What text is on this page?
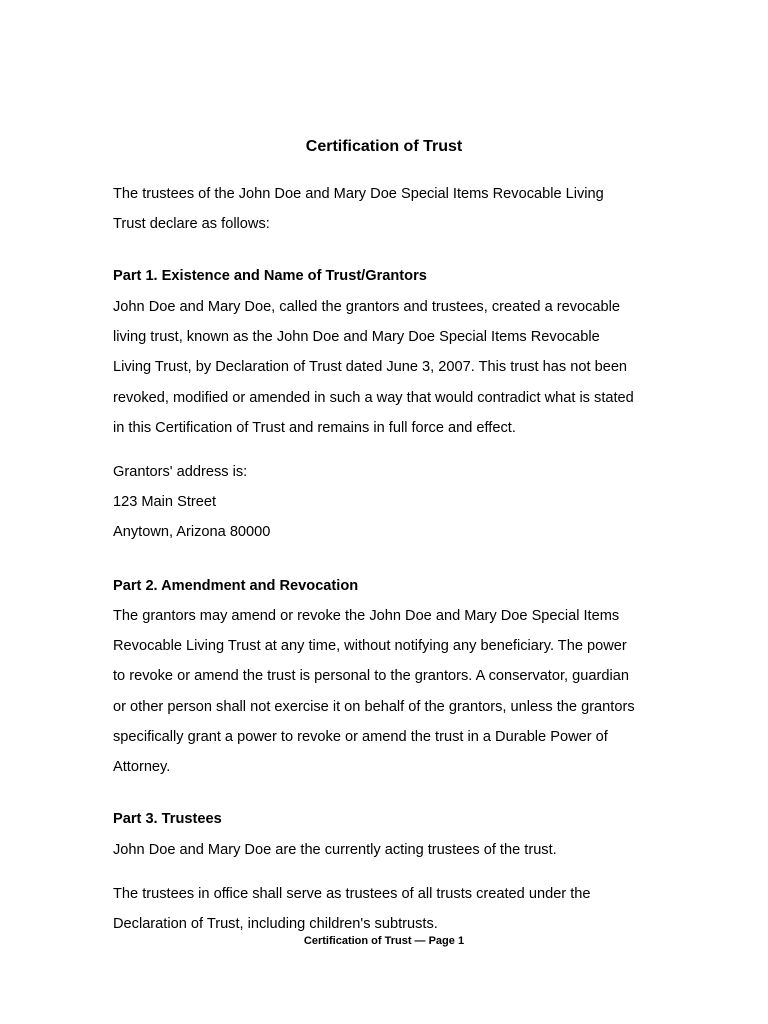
Certification of Trust

The trustees of the John Doe and Mary Doe Special Items Revocable Living
Trust declare as follows:

Part 1. Existence and Name of Trust/Grantors

John Doe and Mary Doe, called the grantors and trustees, created a revocable
living trust, known as the John Doe and Mary Doe Special Items Revocable
Living Trust, by Declaration of Trust dated June 3, 2007. This trust has not been
revoked, modified or amended in such a way that would contradict what is stated
in this Certification of Trust and remains in full force and effect.

Grantors' address is:
123 Main Street
Anytown, Arizona 80000

Part 2. Amendment and Revocation

The grantors may amend or revoke the John Doe and Mary Doe Special Items
Revocable Living Trust at any time, without notifying any beneficiary. The power
to revoke or amend the trust is personal to the grantors. A conservator, guardian
or other person shall not exercise it on behalf of the grantors, unless the grantors
specifically grant a power to revoke or amend the trust in a Durable Power of
Attorney.

Part 3. Trustees

John Doe and Mary Doe are the currently acting trustees of the trust.

The trustees in office shall serve as trustees of all trusts created under the
Declaration of Trust, including children's subtrusts.

Certification of Trust — Page 1
